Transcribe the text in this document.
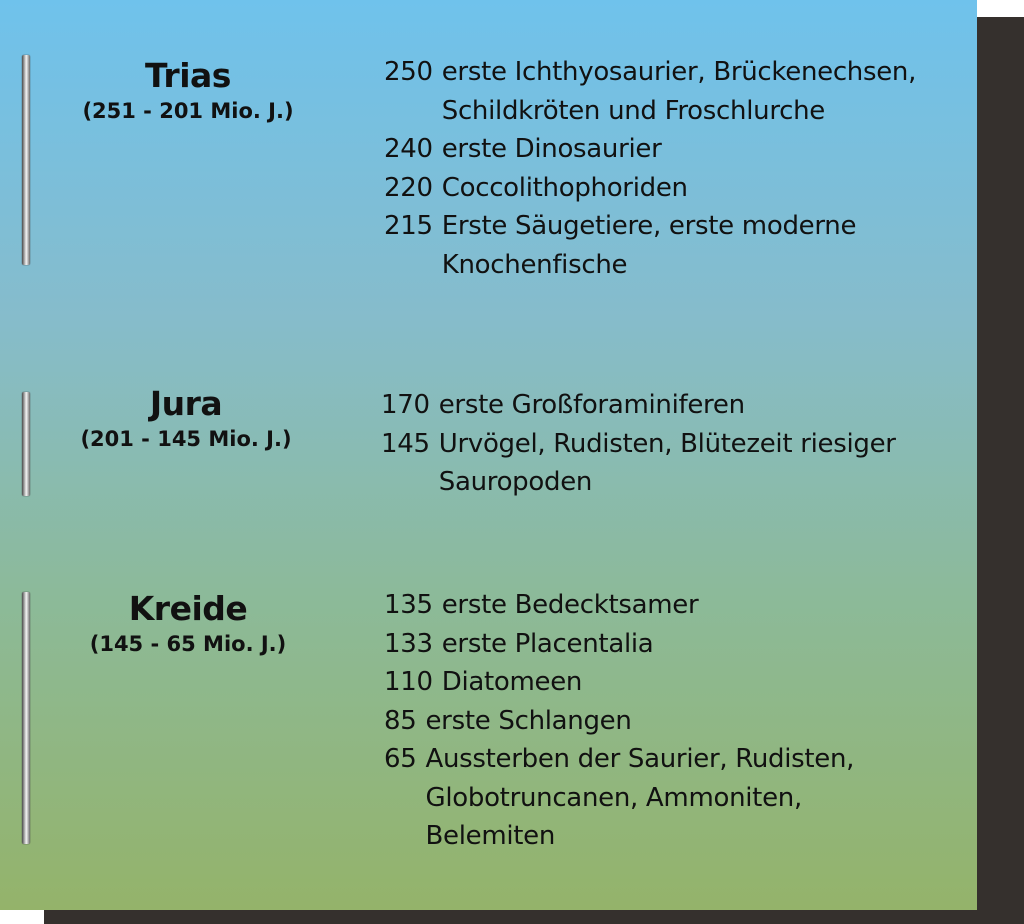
Trias
(251 - 201 Mio. J.)
250 erste Ichthyosaurier, Brückenechsen,
Schildkröten und Froschlurche
240 erste Dinosaurier
220 Coccolithophoriden
215 Erste Säugetiere, erste moderne
Knochenfische
Jura
(201 - 145 Mio. J.)
170 erste Großforaminiferen
145 Urvögel, Rudisten, Blütezeit riesiger
Sauropoden
Kreide
(145 - 65 Mio. J.)
135 erste Bedecktsamer
133 erste Placentalia
110 Diatomeen
85 erste Schlangen
65 Aussterben der Saurier, Rudisten,
Globotruncanen, Ammoniten,
Belemiten
